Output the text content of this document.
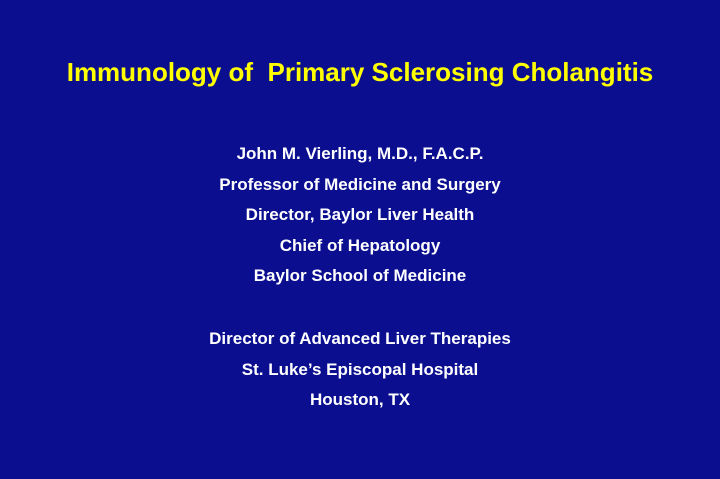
Immunology of  Primary Sclerosing Cholangitis
John M. Vierling, M.D., F.A.C.P.
Professor of Medicine and Surgery
Director, Baylor Liver Health
Chief of Hepatology
Baylor School of Medicine
Director of Advanced Liver Therapies
St. Luke’s Episcopal Hospital
Houston, TX
